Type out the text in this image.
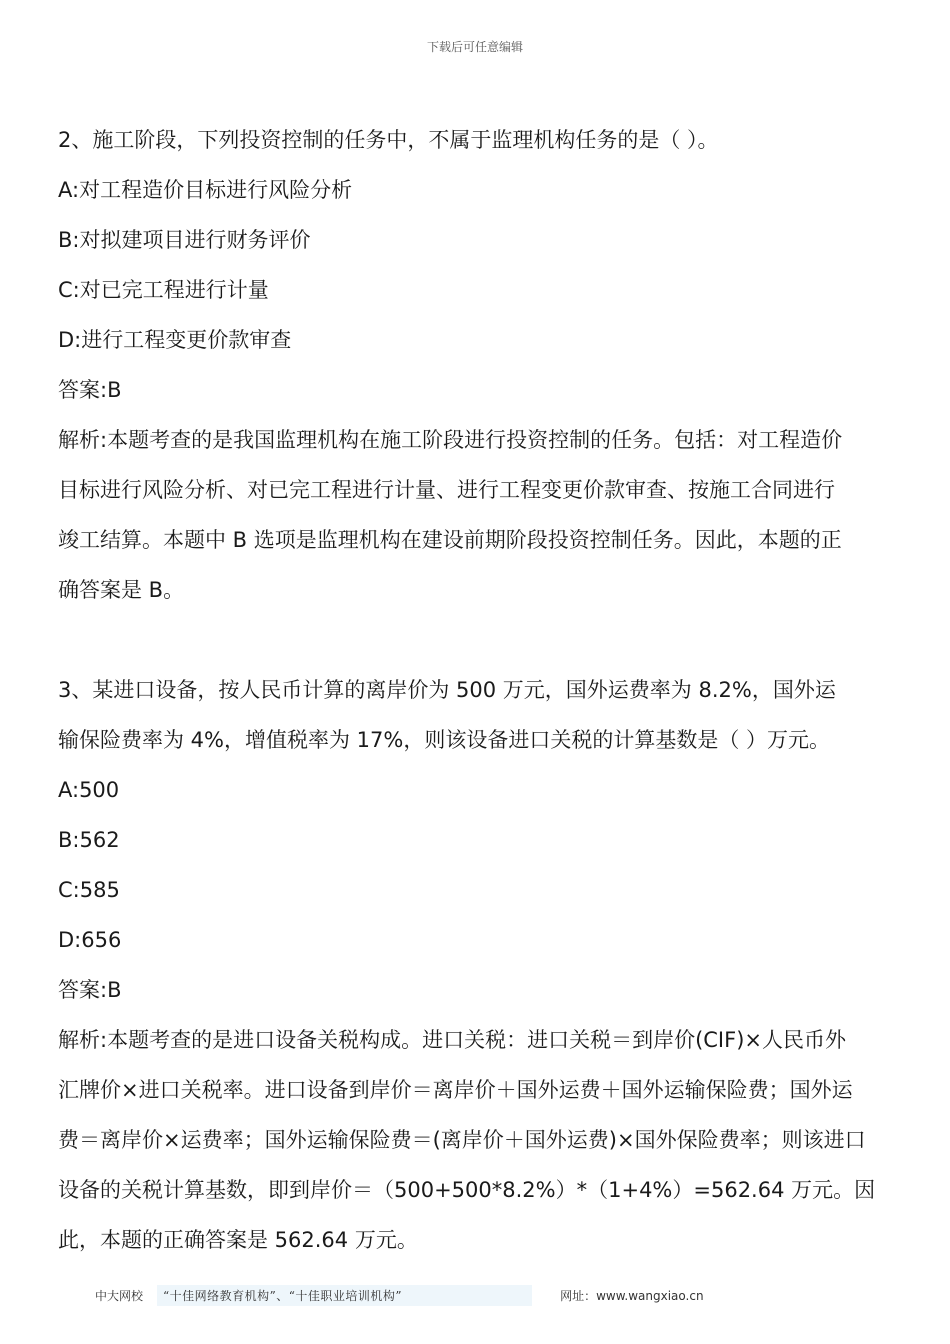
下载后可任意编辑
2、施工阶段，下列投资控制的任务中，不属于监理机构任务的是（ ）。
A:对工程造价目标进行风险分析
B:对拟建项目进行财务评价
C:对已完工程进行计量
D:进行工程变更价款审查
答案:B
解析:本题考查的是我国监理机构在施工阶段进行投资控制的任务。包括：对工程造价
目标进行风险分析、对已完工程进行计量、进行工程变更价款审查、按施工合同进行
竣工结算。本题中 B 选项是监理机构在建设前期阶段投资控制任务。因此，本题的正
确答案是 B。
3、某进口设备，按人民币计算的离岸价为 500 万元，国外运费率为 8.2%，国外运
输保险费率为 4%，增值税率为 17%，则该设备进口关税的计算基数是（ ）万元。
A:500
B:562
C:585
D:656
答案:B
解析:本题考查的是进口设备关税构成。进口关税：进口关税＝到岸价(CIF)×人民币外
汇牌价×进口关税率。进口设备到岸价＝离岸价＋国外运费＋国外运输保险费；国外运
费＝离岸价×运费率；国外运输保险费＝(离岸价＋国外运费)×国外保险费率；则该进口
设备的关税计算基数，即到岸价＝（500+500*8.2%）*（1+4%）=562.64 万元。因
此，本题的正确答案是 562.64 万元。
中大网校	“十佳网络教育机构”、“十佳职业培训机构”	网址：www.wangxiao.cn
